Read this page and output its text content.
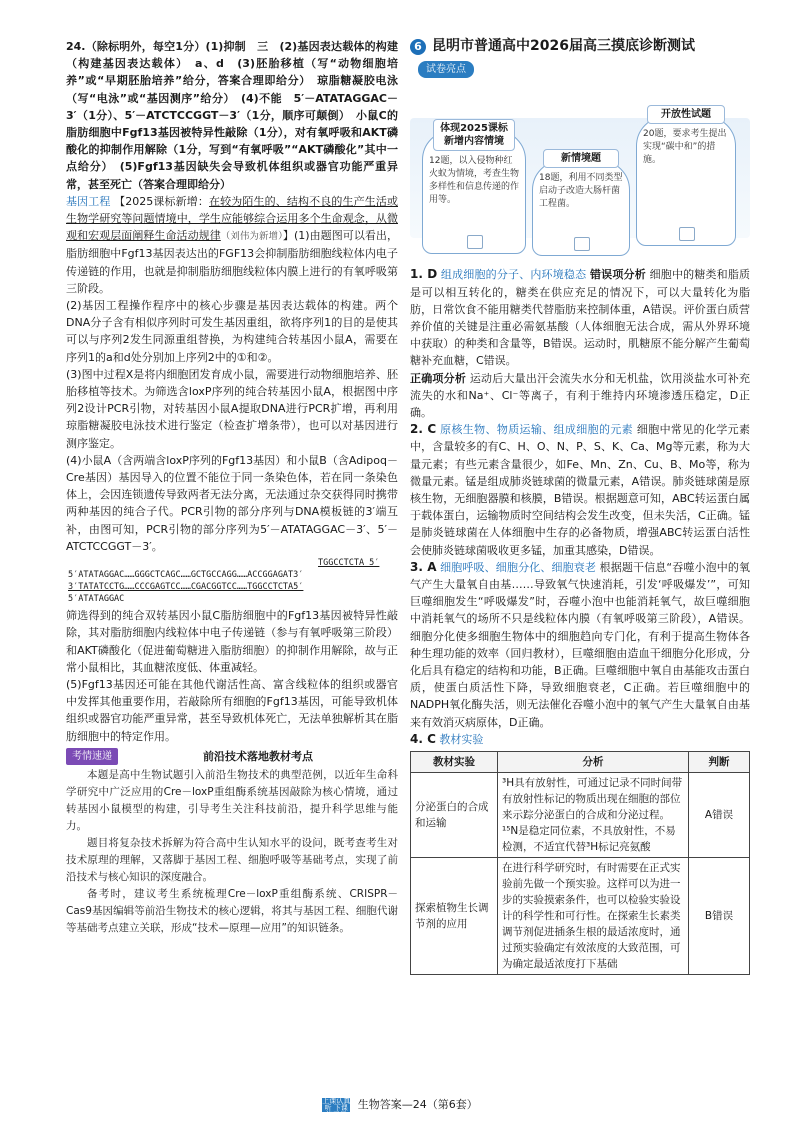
24.（除标明外，每空1分）(1)抑制　三　(2)基因表达载体的构建（构建基因表达载体）　a、d　(3)胚胎移植（写“动物细胞培养”或“早期胚胎培养”给分，答案合理即给分）　琼脂糖凝胶电泳（写“电泳”或“基因测序”给分）　(4)不能　5′－ATATAGGAC－3′（1分）、5′－ATCTCCGGT－3′（1分，顺序可颠倒）　小鼠C的脂肪细胞中Fgf13基因被特异性敲除（1分），对有氧呼吸和AKT磷酸化的抑制作用解除（1分，写到“有氧呼吸”“AKT磷酸化”其中一点给分）　(5)Fgf13基因缺失会导致机体组织或器官功能严重异常，甚至死亡（答案合理即给分）

基因工程 【2025课标新增：在较为陌生的、结构不良的生产生活或生物学研究等问题情境中，学生应能够综合运用多个生命观念，从微观和宏观层面阐释生命活动规律（刘伟为新增）】(1)由题图可以看出，脂肪细胞中Fgf13基因表达出的FGF13会抑制脂肪细胞线粒体内电子传递链的作用，也就是抑制脂肪细胞线粒体内膜上进行的有氧呼吸第三阶段。

(2)基因工程操作程序中的核心步骤是基因表达载体的构建。两个DNA分子含有相似序列时可发生基因重组，欲将序列1的目的是使其可以与序列2发生同源重组替换，为构建纯合转基因小鼠A，需要在序列1的a和d处分别加上序列2中的①和②。

(3)图中过程X是将内细胞团发育成小鼠，需要进行动物细胞培养、胚胎移植等技术。为筛选含loxP序列的纯合转基因小鼠A，根据图中序列2设计PCR引物，对转基因小鼠A提取DNA进行PCR扩增，再利用琼脂糖凝胶电泳技术进行鉴定（检查扩增条带），也可以对基因进行测序鉴定。

(4)小鼠A（含两端含loxP序列的Fgf13基因）和小鼠B（含Adipoq－Cre基因）基因导入的位置不能位于同一条染色体，若在同一条染色体上，会因连锁遗传导致两者无法分离，无法通过杂交获得同时携带两种基因的纯合子代。PCR引物的部分序列与DNA模板链的3′端互补，由图可知，PCR引物的部分序列为5′－ATATAGGAC－3′、5′－ATCTCCGGT－3′。

TGGCCTCTA 5′
5′ATATAGGAC……GGGCTCAGC……GCTGCCAGG……ACCGGAGAT3′
3′TATATCCTG……CCCGAGTCC……CGACGGTCC……TGGCCTCTA5′
5′ATATAGGAC

筛选得到的纯合双转基因小鼠C脂肪细胞中的Fgf13基因被特异性敲除，其对脂肪细胞内线粒体中电子传递链（参与有氧呼吸第三阶段）和AKT磷酸化（促进葡萄糖进入脂肪细胞）的抑制作用解除，故与正常小鼠相比，其血糖浓度低、体重减轻。

(5)Fgf13基因还可能在其他代谢活性高、富含线粒体的组织或器官中发挥其他重要作用，若敲除所有细胞的Fgf13基因，可能导致机体组织或器官功能严重异常，甚至导致机体死亡，无法单独解析其在脂肪细胞中的特定作用。

考情速递	前沿技术落地教材考点

本题是高中生物试题引入前沿生物技术的典型范例，以近年生命科学研究中广泛应用的Cre－loxP重组酶系统基因敲除为核心情境，通过转基因小鼠模型的构建，引导考生关注科技前沿，提升科学思维与能力。

题目将复杂技术拆解为符合高中生认知水平的设问，既考查考生对技术原理的理解，又落脚于基因工程、细胞呼吸等基础考点，实现了前沿技术与核心知识的深度融合。

备考时，建议考生系统梳理Cre－loxP重组酶系统、CRISPR－Cas9基因编辑等前沿生物技术的核心逻辑，将其与基因工程、细胞代谢等基础考点建立关联，形成“技术—原理—应用”的知识链条。

6 昆明市普通高中2026届高三摸底诊断测试
试卷亮点
体现2025课标新增内容情境
12题，以入侵物种红火蚁为情境，考查生物多样性和信息传递的作用等。
新情境题
18题，利用不同类型启动子改造大肠杆菌工程菌。
开放性试题
20题，要求考生提出实现“碳中和”的措施。

1. D 组成细胞的分子、内环境稳态 错误项分析 细胞中的糖类和脂质是可以相互转化的，糖类在供应充足的情况下，可以大量转化为脂肪，日常饮食不能用糖类代替脂肪来控制体重，A错误。评价蛋白质营养价值的关键是注重必需氨基酸（人体细胞无法合成，需从外界环境中获取）的种类和含量等，B错误。运动时，肌糖原不能分解产生葡萄糖补充血糖，C错误。

正确项分析 运动后大量出汗会流失水分和无机盐，饮用淡盐水可补充流失的水和Na⁺、Cl⁻等离子，有利于维持内环境渗透压稳定，D正确。

2. C 原核生物、物质运输、组成细胞的元素 细胞中常见的化学元素中，含量较多的有C、H、O、N、P、S、K、Ca、Mg等元素，称为大量元素；有些元素含量很少，如Fe、Mn、Zn、Cu、B、Mo等，称为微量元素。锰是组成肺炎链球菌的微量元素，A错误。肺炎链球菌是原核生物，无细胞器膜和核膜，B错误。根据题意可知，ABC转运蛋白属于载体蛋白，运输物质时空间结构会发生改变，但未失活，C正确。锰是肺炎链球菌在人体细胞中生存的必备物质，增强ABC转运蛋白活性会使肺炎链球菌吸收更多锰，加重其感染，D错误。

3. A 细胞呼吸、细胞分化、细胞衰老 根据题干信息“吞噬小泡中的氧气产生大量氧自由基……导致氧气快速消耗，引发‘呼吸爆发’”，可知巨噬细胞发生“呼吸爆发”时，吞噬小泡中也能消耗氧气，故巨噬细胞中消耗氧气的场所不只是线粒体内膜（有氧呼吸第三阶段），A错误。细胞分化使多细胞生物体中的细胞趋向专门化，有利于提高生物体各种生理功能的效率（回归教材），巨噬细胞由造血干细胞分化形成，分化后具有稳定的结构和功能，B正确。巨噬细胞中氧自由基能攻击蛋白质，使蛋白质活性下降，导致细胞衰老，C正确。若巨噬细胞中的NADPH氧化酶失活，则无法催化吞噬小泡中的氧气产生大量氧自由基来有效消灭病原体，D正确。

4. C 教材实验

教材实验	分析	判断
分泌蛋白的合成和运输	³H具有放射性，可通过记录不同时间带有放射性标记的物质出现在细胞的部位来示踪分泌蛋白的合成和分泌过程。¹⁵N是稳定同位素，不具放射性，不易检测，不适宜代替³H标记亮氨酸	A错误
探索植物生长调节剂的应用	在进行科学研究时，有时需要在正式实验前先做一个预实验。这样可以为进一步的实验摸索条件，也可以检验实验设计的科学性和可行性。在探索生长素类调节剂促进插条生根的最适浓度时，通过预实验确定有效浓度的大致范围，可为确定最适浓度打下基础	B错误
上课认真听 下课练天星 生物答案—24（第6套）
